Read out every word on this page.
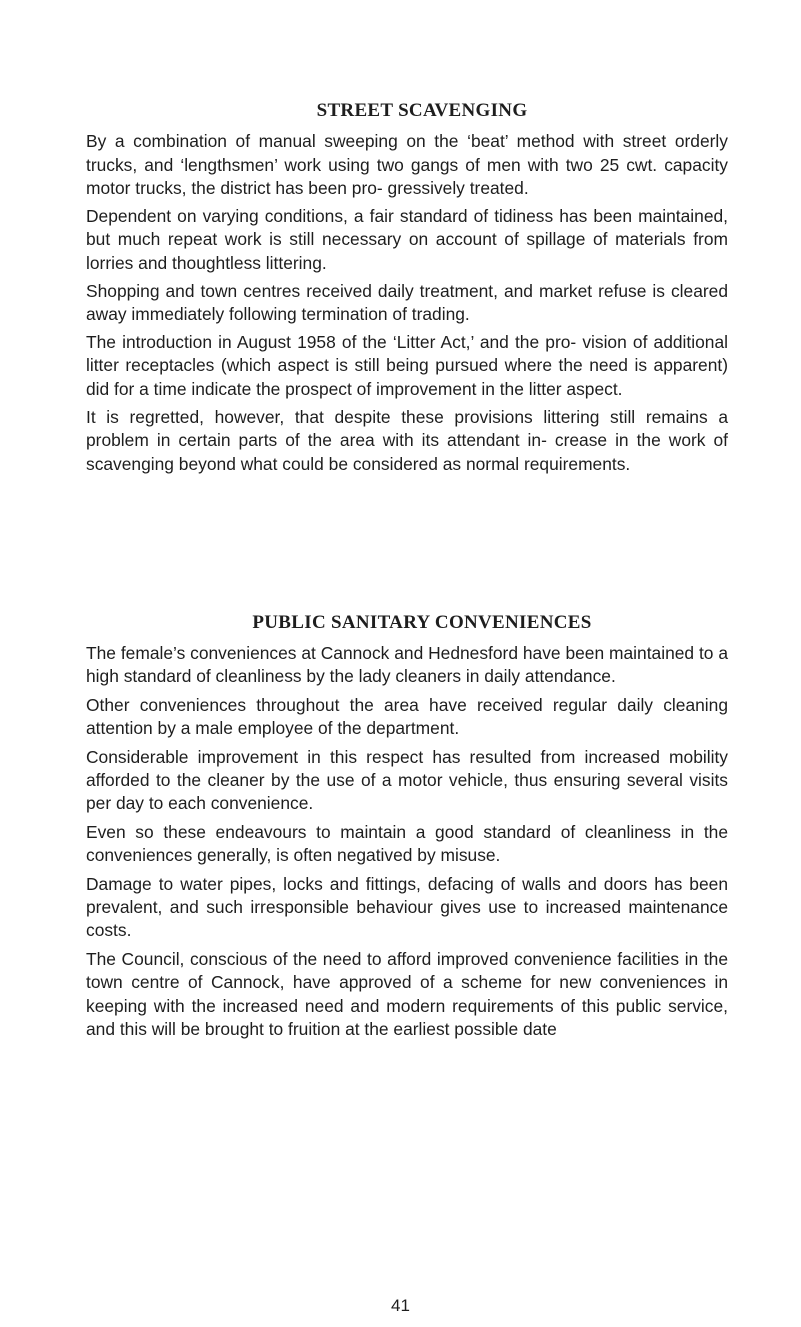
STREET SCAVENGING

By a combination of manual sweeping on the ‘beat’ method with street orderly trucks, and ‘lengthsmen’ work using two gangs of men with two 25 cwt. capacity motor trucks, the district has been pro- gressively treated.

Dependent on varying conditions, a fair standard of tidiness has been maintained, but much repeat work is still necessary on account of spillage of materials from lorries and thoughtless littering.

Shopping and town centres received daily treatment, and market refuse is cleared away immediately following termination of trading.

The introduction in August 1958 of the ‘Litter Act,’ and the pro- vision of additional litter receptacles (which aspect is still being pursued where the need is apparent) did for a time indicate the prospect of improvement in the litter aspect.

It is regretted, however, that despite these provisions littering still remains a problem in certain parts of the area with its attendant in- crease in the work of scavenging beyond what could be considered as normal requirements.

PUBLIC SANITARY CONVENIENCES

The female’s conveniences at Cannock and Hednesford have been maintained to a high standard of cleanliness by the lady cleaners in daily attendance.

Other conveniences throughout the area have received regular daily cleaning attention by a male employee of the department.

Considerable improvement in this respect has resulted from increased mobility afforded to the cleaner by the use of a motor vehicle, thus ensuring several visits per day to each convenience.

Even so these endeavours to maintain a good standard of cleanliness in the conveniences generally, is often negatived by misuse.

Damage to water pipes, locks and fittings, defacing of walls and doors has been prevalent, and such irresponsible behaviour gives use to increased maintenance costs.

The Council, conscious of the need to afford improved convenience facilities in the town centre of Cannock, have approved of a scheme for new conveniences in keeping with the increased need and modern requirements of this public service, and this will be brought to fruition at the earliest possible date

41
